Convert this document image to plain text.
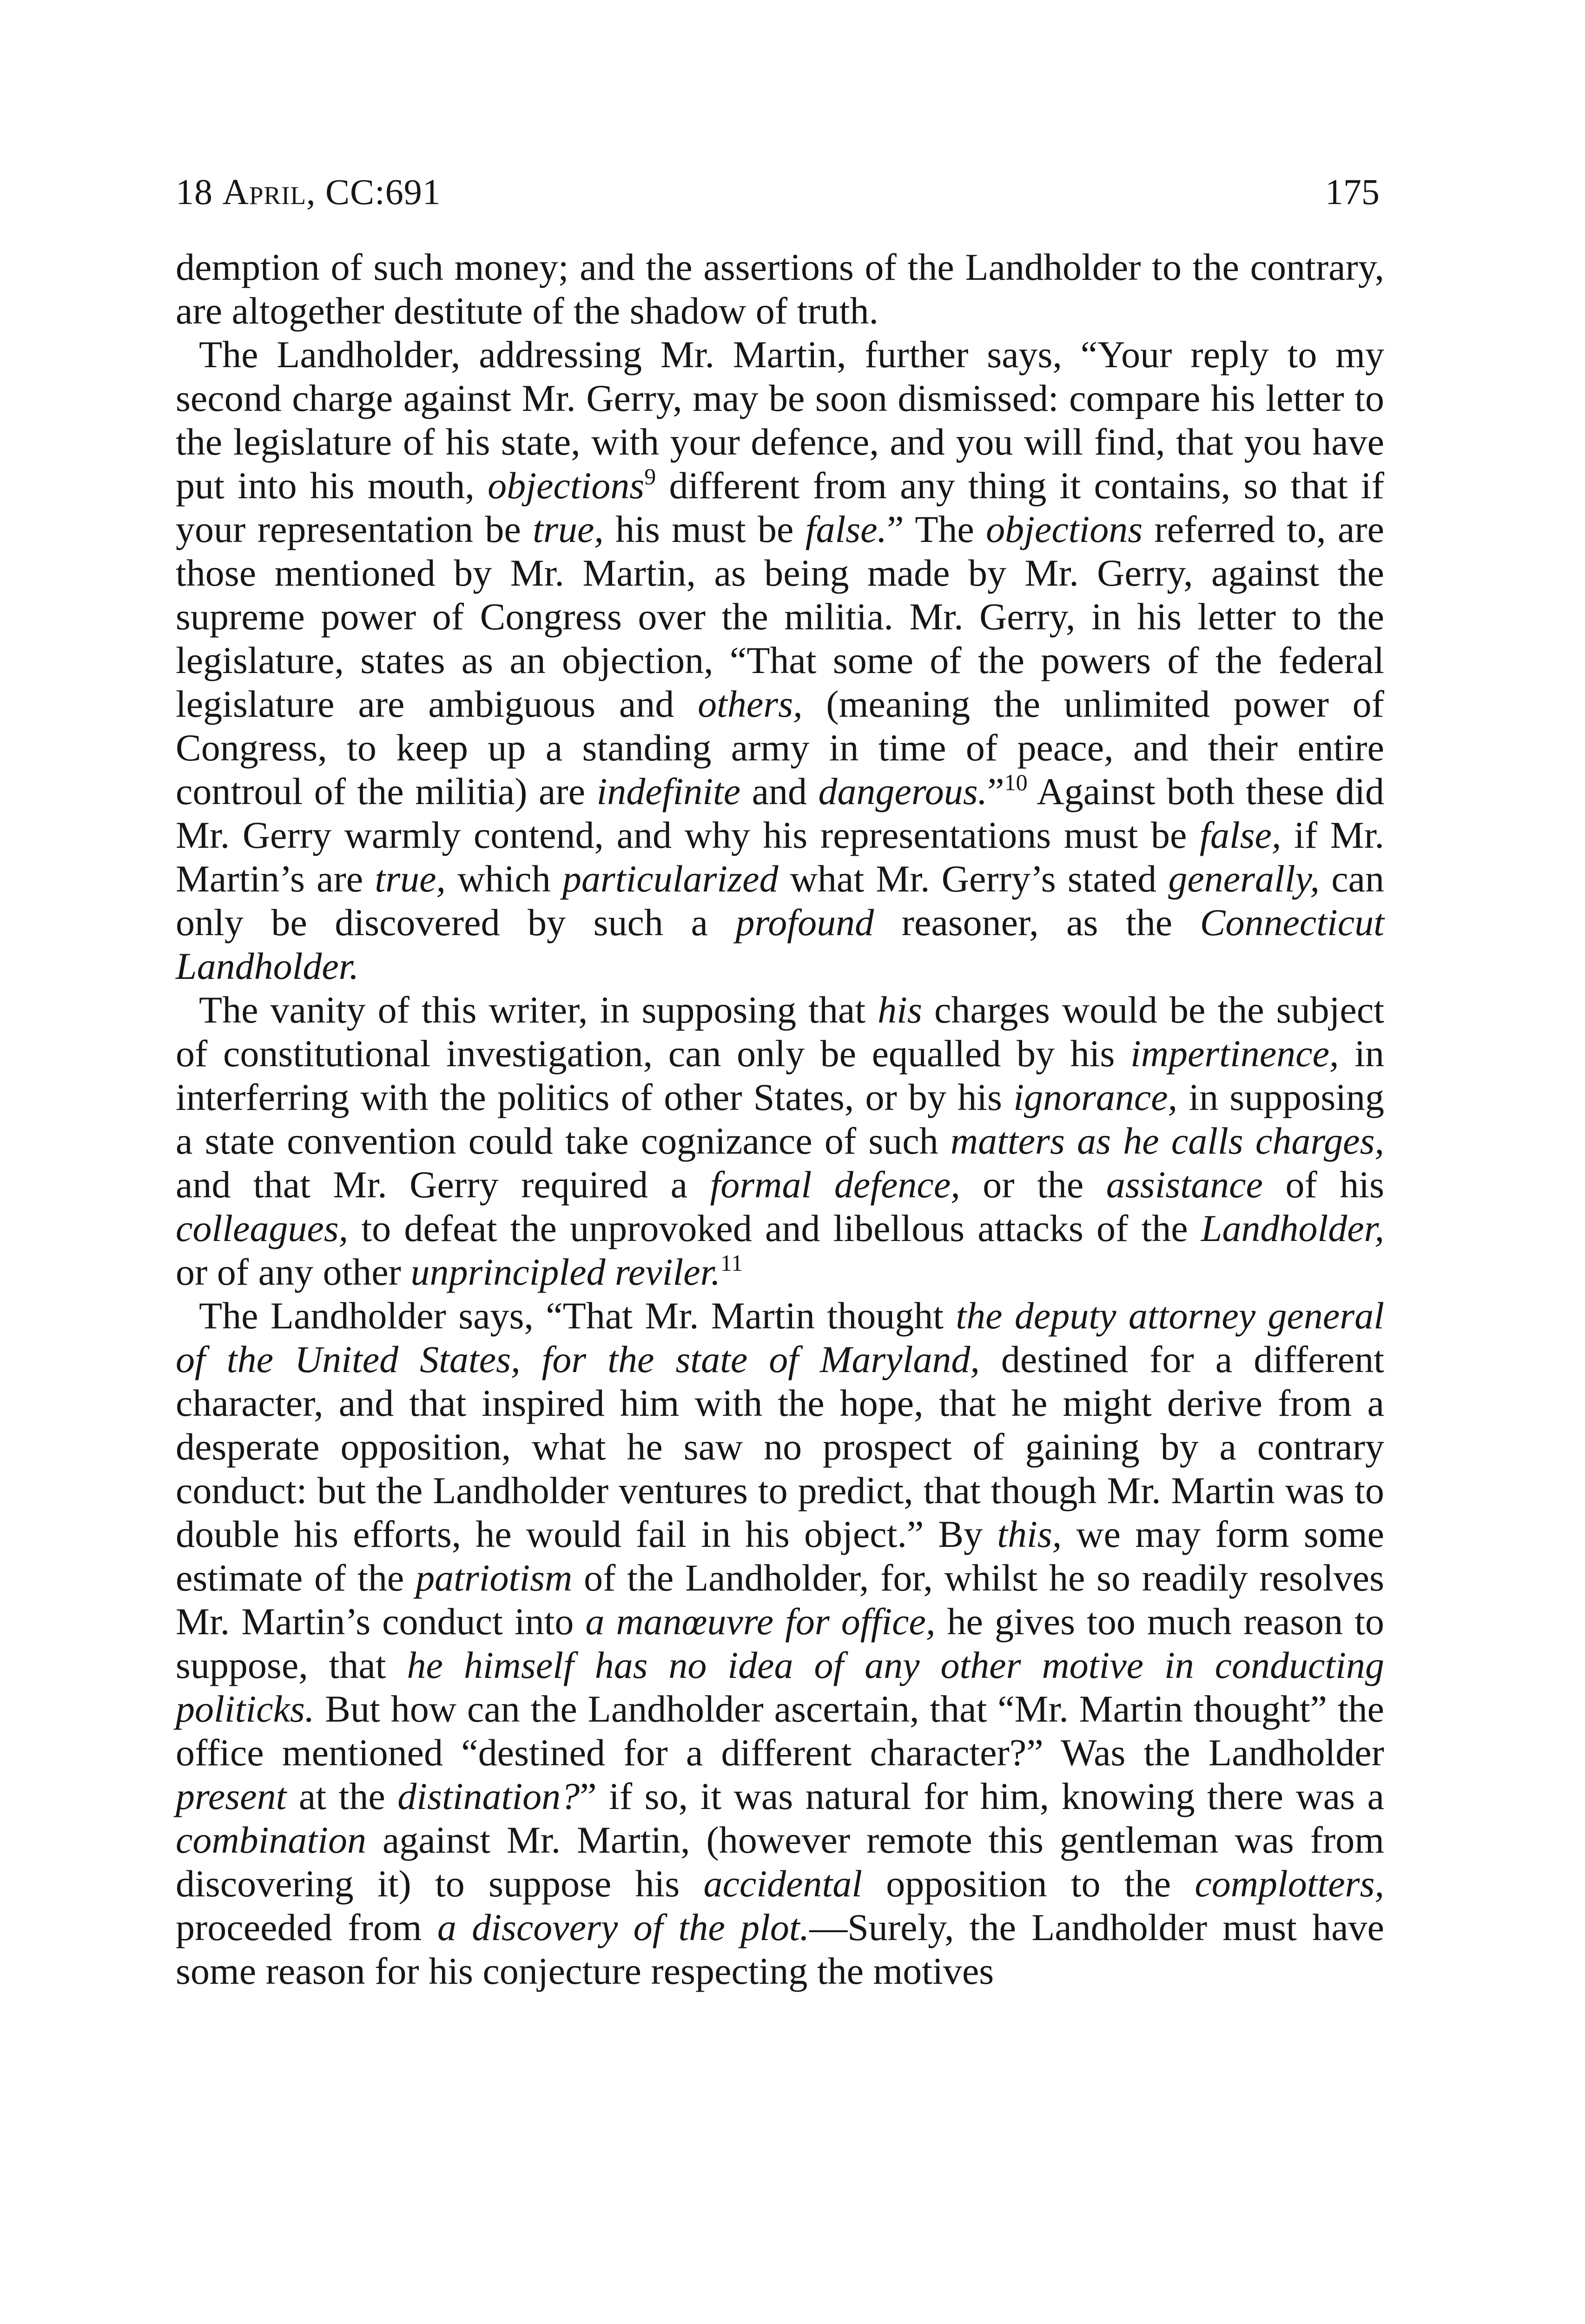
18 April, CC:691	175

demption of such money; and the assertions of the Landholder to the contrary, are altogether destitute of the shadow of truth.

The Landholder, addressing Mr. Martin, further says, “Your reply to my second charge against Mr. Gerry, may be soon dismissed: compare his letter to the legislature of his state, with your defence, and you will find, that you have put into his mouth, objections$^9$ different from any thing it contains, so that if your representation be true, his must be false.” The objections referred to, are those mentioned by Mr. Martin, as being made by Mr. Gerry, against the supreme power of Congress over the militia. Mr. Gerry, in his letter to the legislature, states as an objection, “That some of the powers of the federal legislature are ambiguous and others, (meaning the unlimited power of Congress, to keep up a standing army in time of peace, and their entire controul of the militia) are indefinite and dangerous.”$^{10}$ Against both these did Mr. Gerry warmly contend, and why his representations must be false, if Mr. Martin’s are true, which particularized what Mr. Gerry’s stated generally, can only be discovered by such a profound reasoner, as the Connecticut Landholder.

The vanity of this writer, in supposing that his charges would be the subject of constitutional investigation, can only be equalled by his impertinence, in interferring with the politics of other States, or by his ignorance, in supposing a state convention could take cognizance of such matters as he calls charges, and that Mr. Gerry required a formal defence, or the assistance of his colleagues, to defeat the unprovoked and libellous attacks of the Landholder, or of any other unprincipled reviler.$^{11}$

The Landholder says, “That Mr. Martin thought the deputy attorney general of the United States, for the state of Maryland, destined for a different character, and that inspired him with the hope, that he might derive from a desperate opposition, what he saw no prospect of gaining by a contrary conduct: but the Landholder ventures to predict, that though Mr. Martin was to double his efforts, he would fail in his object.” By this, we may form some estimate of the patriotism of the Landholder, for, whilst he so readily resolves Mr. Martin’s conduct into a manœuvre for office, he gives too much reason to suppose, that he himself has no idea of any other motive in conducting politicks. But how can the Landholder ascertain, that “Mr. Martin thought” the office mentioned “destined for a different character?” Was the Landholder present at the distination?” if so, it was natural for him, knowing there was a combination against Mr. Martin, (however remote this gentleman was from discovering it) to suppose his accidental opposition to the complotters, proceeded from a discovery of the plot.—Surely, the Landholder must have some reason for his conjecture respecting the motives
